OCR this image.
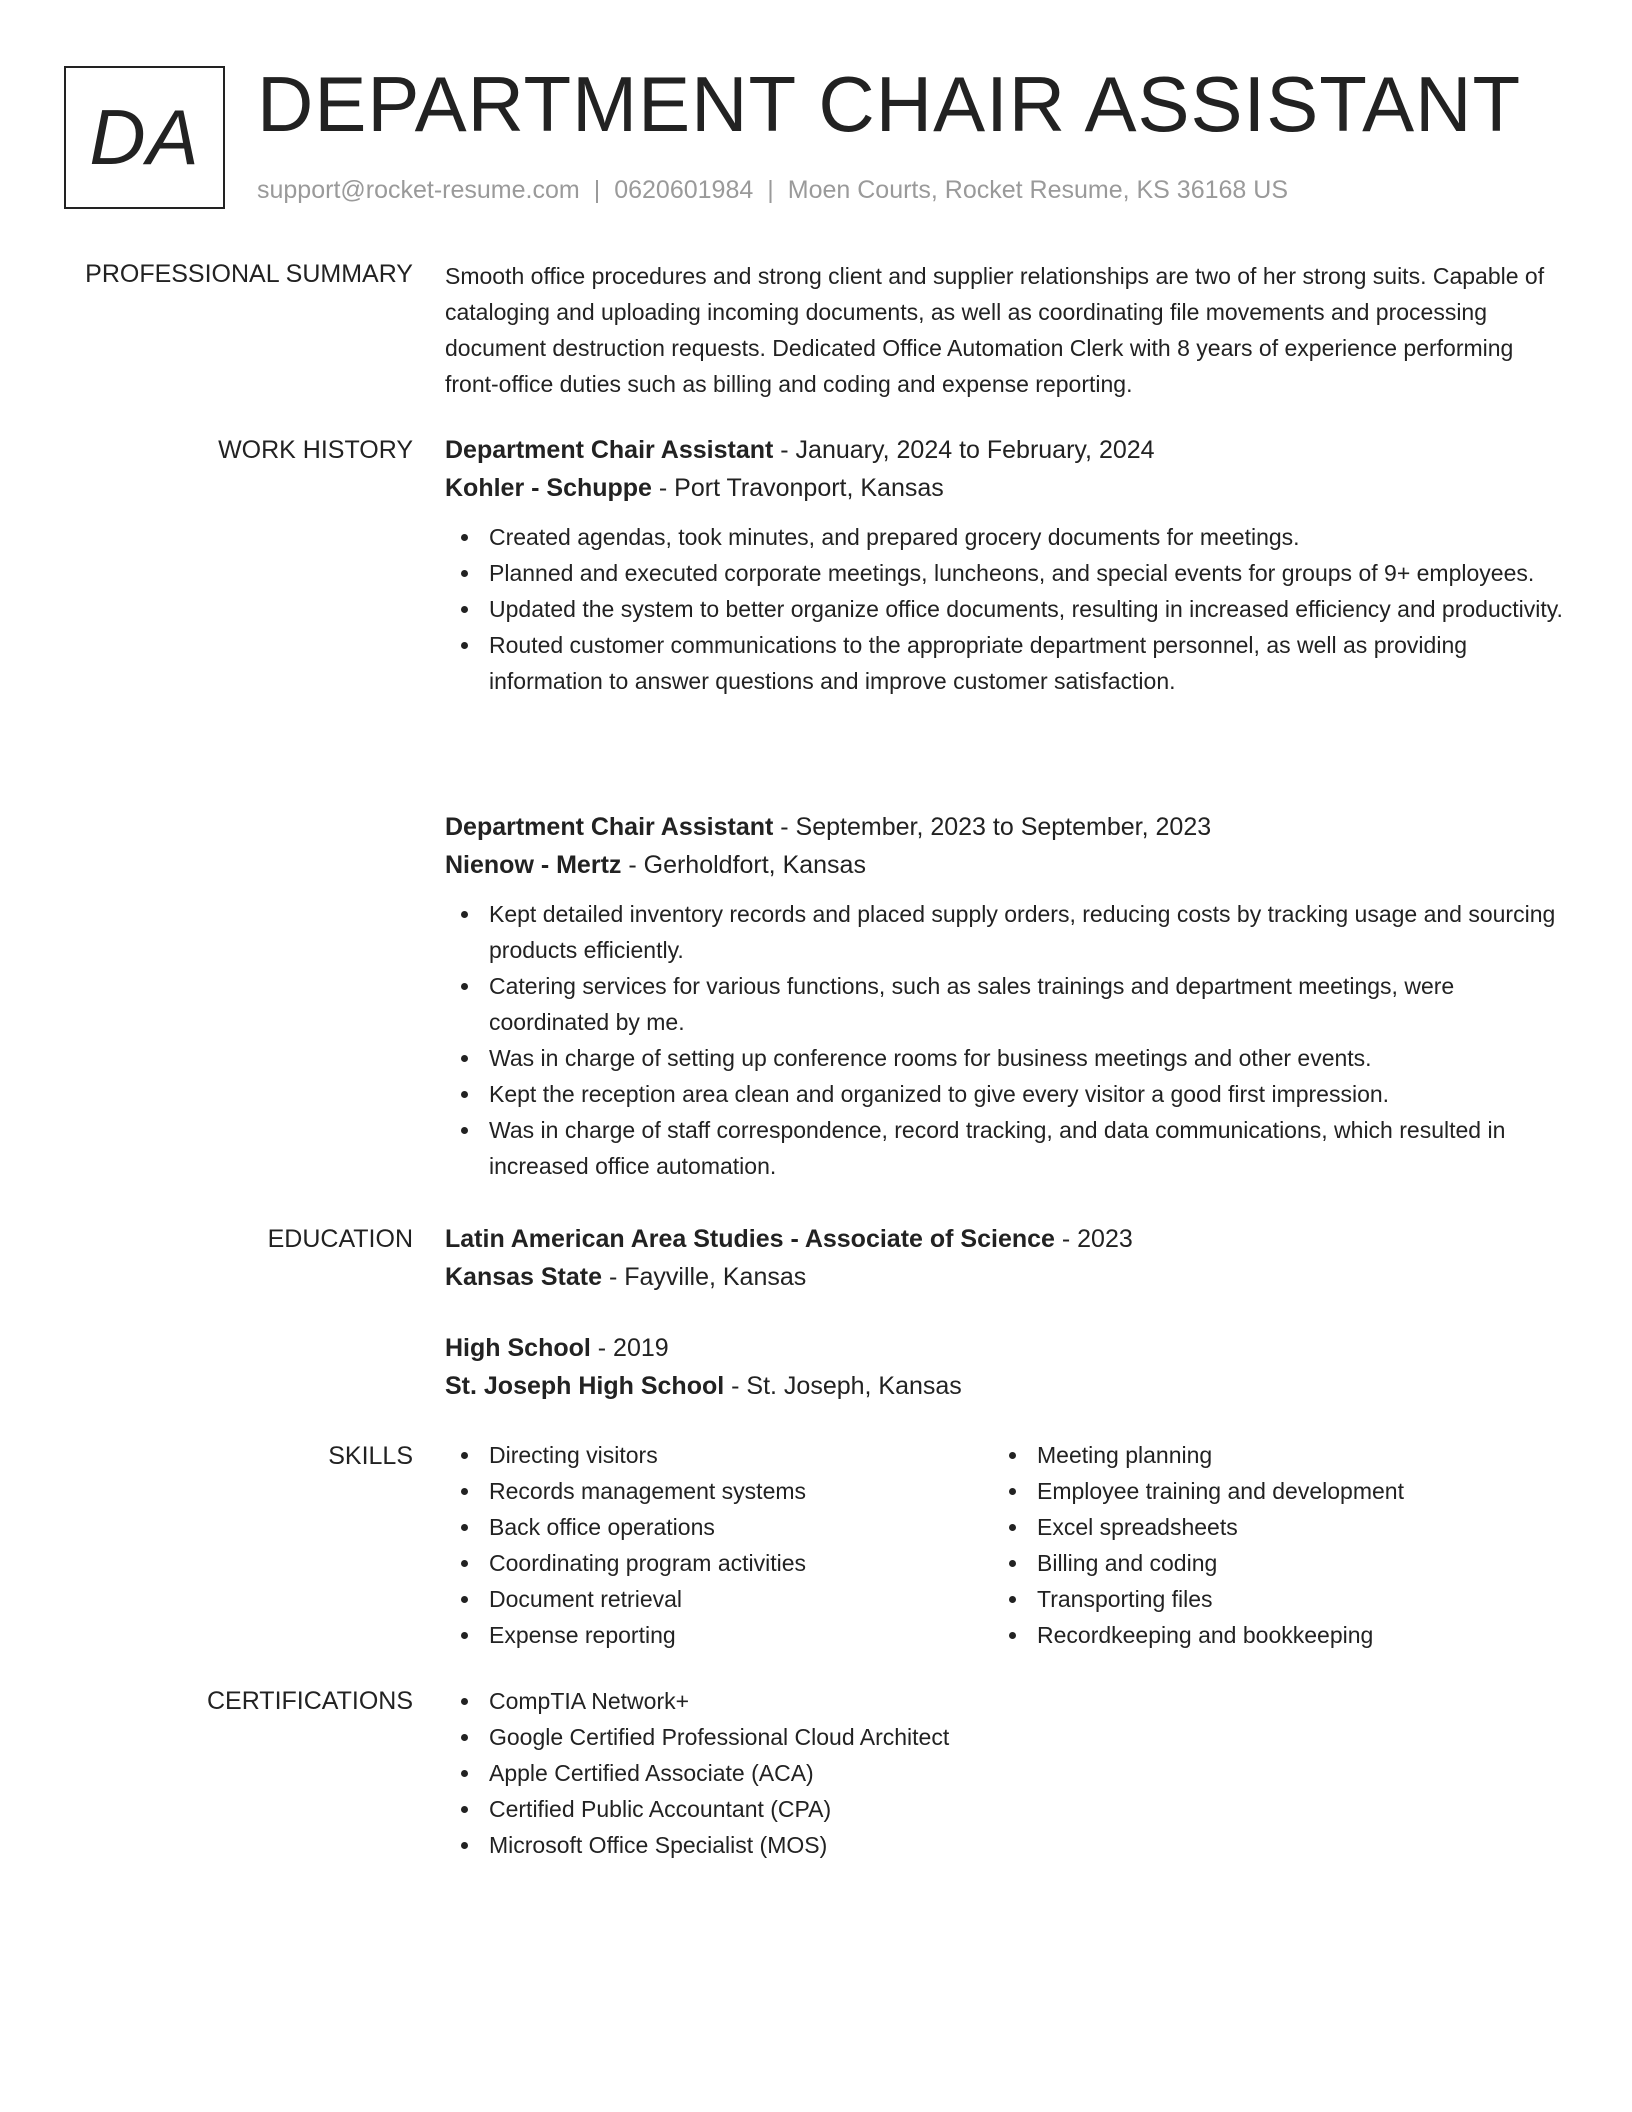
DA DEPARTMENT CHAIR ASSISTANT
support@rocket-resume.com | 0620601984 | Moen Courts, Rocket Resume, KS 36168 US
PROFESSIONAL SUMMARY Smooth office procedures and strong client and supplier relationships are two of her strong suits. Capable of cataloging and uploading incoming documents, as well as coordinating file movements and processing document destruction requests. Dedicated Office Automation Clerk with 8 years of experience performing front-office duties such as billing and coding and expense reporting.
WORK HISTORY Department Chair Assistant - January, 2024 to February, 2024
Kohler - Schuppe - Port Travonport, Kansas
Created agendas, took minutes, and prepared grocery documents for meetings.
Planned and executed corporate meetings, luncheons, and special events for groups of 9+ employees.
Updated the system to better organize office documents, resulting in increased efficiency and productivity.
Routed customer communications to the appropriate department personnel, as well as providing information to answer questions and improve customer satisfaction.
Department Chair Assistant - September, 2023 to September, 2023
Nienow - Mertz - Gerholdfort, Kansas
Kept detailed inventory records and placed supply orders, reducing costs by tracking usage and sourcing products efficiently.
Catering services for various functions, such as sales trainings and department meetings, were coordinated by me.
Was in charge of setting up conference rooms for business meetings and other events.
Kept the reception area clean and organized to give every visitor a good first impression.
Was in charge of staff correspondence, record tracking, and data communications, which resulted in increased office automation.
EDUCATION Latin American Area Studies - Associate of Science - 2023
Kansas State - Fayville, Kansas
High School - 2019
St. Joseph High School - St. Joseph, Kansas
SKILLS	Directing visitors
Records management systems
Back office operations
Coordinating program activities
Document retrieval
Expense reporting
Meeting planning
Employee training and development
Excel spreadsheets
Billing and coding
Transporting files
Recordkeeping and bookkeeping
CERTIFICATIONS	CompTIA Network+
Google Certified Professional Cloud Architect
Apple Certified Associate (ACA)
Certified Public Accountant (CPA)
Microsoft Office Specialist (MOS)
